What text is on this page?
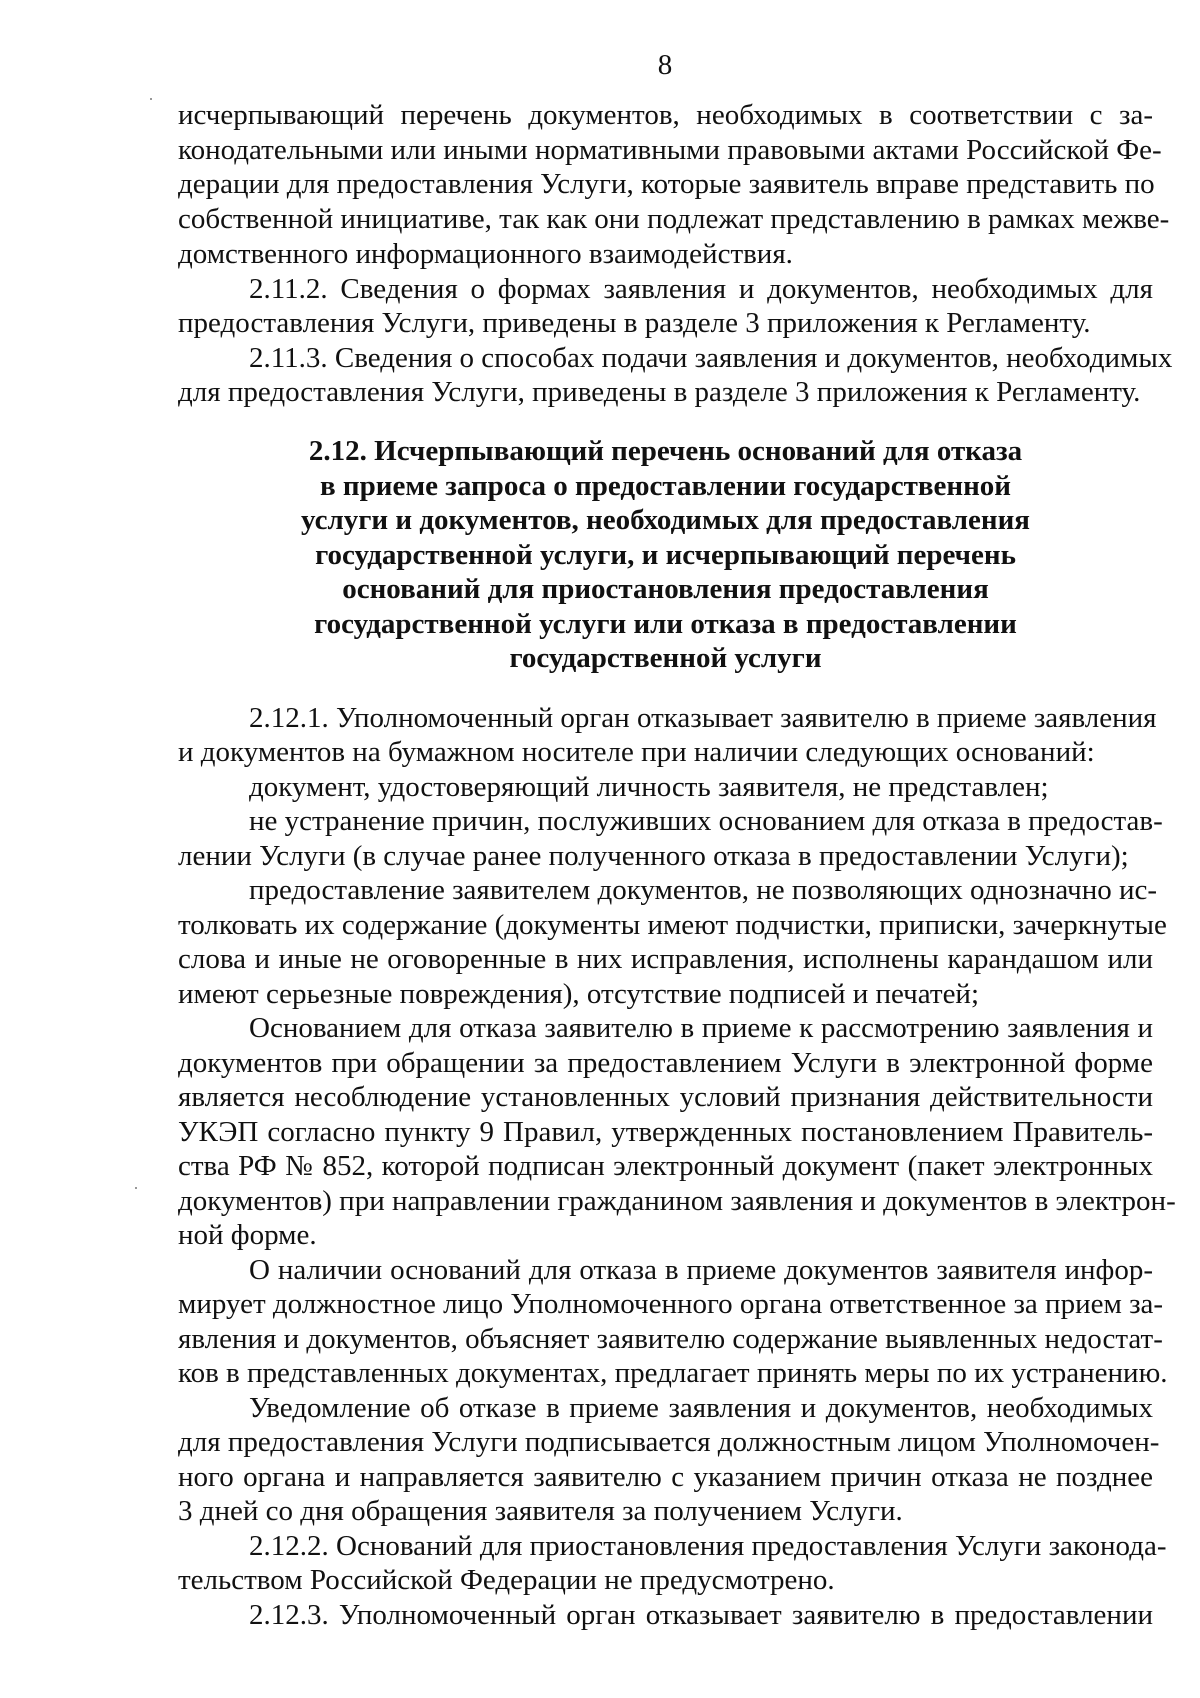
8
исчерпывающий перечень документов, необходимых в соответствии с за-
конодательными или иными нормативными правовыми актами Российской Фе-
дерации для предоставления Услуги, которые заявитель вправе представить по
собственной инициативе, так как они подлежат представлению в рамках межве-
домственного информационного взаимодействия.
2.11.2. Сведения о формах заявления и документов, необходимых для
предоставления Услуги, приведены в разделе 3 приложения к Регламенту.
2.11.3. Сведения о способах подачи заявления и документов, необходимых
для предоставления Услуги, приведены в разделе 3 приложения к Регламенту.
2.12. Исчерпывающий перечень оснований для отказа
в приеме запроса о предоставлении государственной
услуги и документов, необходимых для предоставления
государственной услуги, и исчерпывающий перечень
оснований для приостановления предоставления
государственной услуги или отказа в предоставлении
государственной услуги
2.12.1. Уполномоченный орган отказывает заявителю в приеме заявления
и документов на бумажном носителе при наличии следующих оснований:
документ, удостоверяющий личность заявителя, не представлен;
не устранение причин, послуживших основанием для отказа в предостав-
лении Услуги (в случае ранее полученного отказа в предоставлении Услуги);
предоставление заявителем документов, не позволяющих однозначно ис-
толковать их содержание (документы имеют подчистки, приписки, зачеркнутые
слова и иные не оговоренные в них исправления, исполнены карандашом или
имеют серьезные повреждения), отсутствие подписей и печатей;
Основанием для отказа заявителю в приеме к рассмотрению заявления и
документов при обращении за предоставлением Услуги в электронной форме
является несоблюдение установленных условий признания действительности
УКЭП согласно пункту 9 Правил, утвержденных постановлением Правитель-
ства РФ № 852, которой подписан электронный документ (пакет электронных
документов) при направлении гражданином заявления и документов в электрон-
ной форме.
О наличии оснований для отказа в приеме документов заявителя инфор-
мирует должностное лицо Уполномоченного органа ответственное за прием за-
явления и документов, объясняет заявителю содержание выявленных недостат-
ков в представленных документах, предлагает принять меры по их устранению.
Уведомление об отказе в приеме заявления и документов, необходимых
для предоставления Услуги подписывается должностным лицом Уполномочен-
ного органа и направляется заявителю с указанием причин отказа не позднее
3 дней со дня обращения заявителя за получением Услуги.
2.12.2. Оснований для приостановления предоставления Услуги законода-
тельством Российской Федерации не предусмотрено.
2.12.3. Уполномоченный орган отказывает заявителю в предоставлении
